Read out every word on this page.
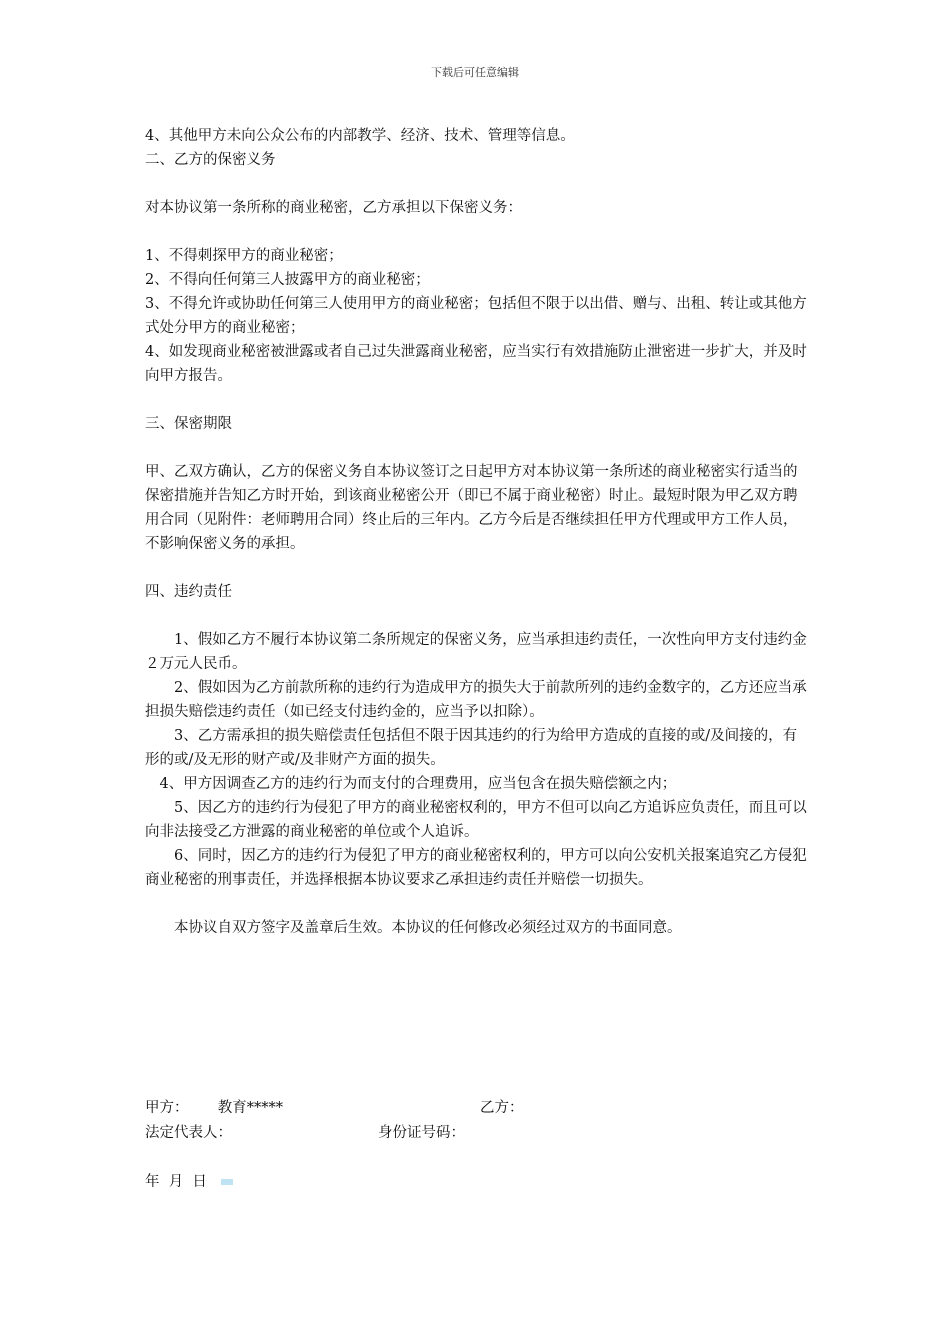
下载后可任意编辑

4、其他甲方未向公众公布的内部教学、经济、技术、管理等信息。

二、乙方的保密义务

对本协议第一条所称的商业秘密，乙方承担以下保密义务：

1、不得刺探甲方的商业秘密；

2、不得向任何第三人披露甲方的商业秘密；

3、不得允许或协助任何第三人使用甲方的商业秘密；包括但不限于以出借、赠与、出租、转让或其他方式处分甲方的商业秘密；

4、如发现商业秘密被泄露或者自己过失泄露商业秘密，应当实行有效措施防止泄密进一步扩大，并及时向甲方报告。

三、保密期限

甲、乙双方确认，乙方的保密义务自本协议签订之日起甲方对本协议第一条所述的商业秘密实行适当的保密措施并告知乙方时开始，到该商业秘密公开（即已不属于商业秘密）时止。最短时限为甲乙双方聘用合同（见附件：老师聘用合同）终止后的三年内。乙方今后是否继续担任甲方代理或甲方工作人员，不影响保密义务的承担。

四、违约责任

1、假如乙方不履行本协议第二条所规定的保密义务，应当承担违约责任，一次性向甲方支付违约金２万元人民币。

2、假如因为乙方前款所称的违约行为造成甲方的损失大于前款所列的违约金数字的，乙方还应当承担损失赔偿违约责任（如已经支付违约金的，应当予以扣除）。

3、乙方需承担的损失赔偿责任包括但不限于因其违约的行为给甲方造成的直接的或/及间接的，有形的或/及无形的财产或/及非财产方面的损失。

4、甲方因调查乙方的违约行为而支付的合理费用，应当包含在损失赔偿额之内；

5、因乙方的违约行为侵犯了甲方的商业秘密权利的，甲方不但可以向乙方追诉应负责任，而且可以向非法接受乙方泄露的商业秘密的单位或个人追诉。

6、同时，因乙方的违约行为侵犯了甲方的商业秘密权利的，甲方可以向公安机关报案追究乙方侵犯商业秘密的刑事责任，并选择根据本协议要求乙承担违约责任并赔偿一切损失。

本协议自双方签字及盖章后生效。本协议的任何修改必须经过双方的书面同意。

甲方： 教育*****	乙方：
法定代表人：	身份证号码：
年  月  日
